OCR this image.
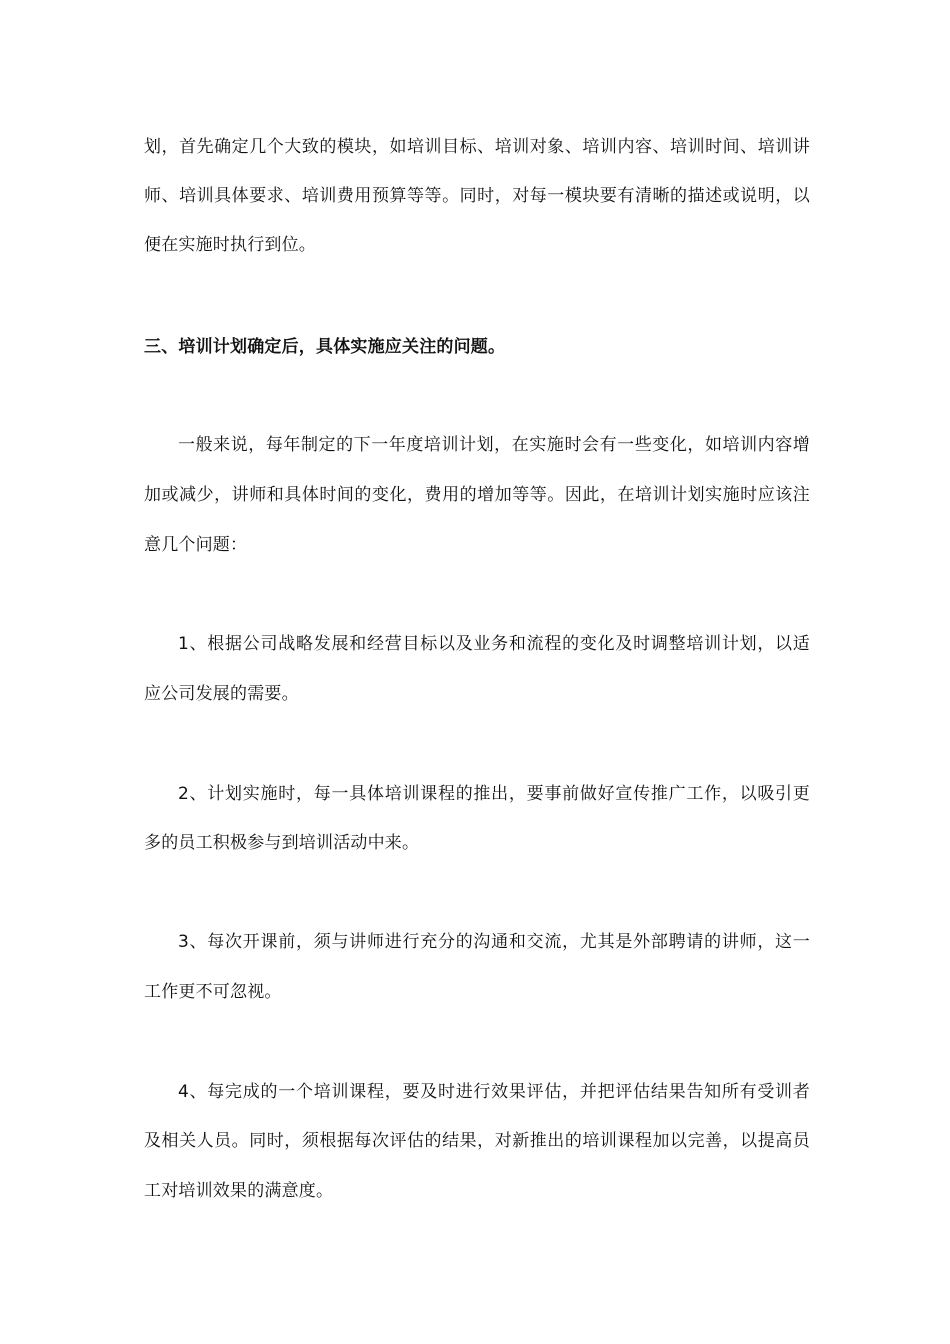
划，首先确定几个大致的模块，如培训目标、培训对象、培训内容、培训时间、培训讲
师、培训具体要求、培训费用预算等等。同时，对每一模块要有清晰的描述或说明，以
便在实施时执行到位。
三、培训计划确定后，具体实施应关注的问题。
一般来说，每年制定的下一年度培训计划，在实施时会有一些变化，如培训内容增
加或减少，讲师和具体时间的变化，费用的增加等等。因此，在培训计划实施时应该注
意几个问题：
1、根据公司战略发展和经营目标以及业务和流程的变化及时调整培训计划，以适
应公司发展的需要。
2、计划实施时，每一具体培训课程的推出，要事前做好宣传推广工作，以吸引更
多的员工积极参与到培训活动中来。
3、每次开课前，须与讲师进行充分的沟通和交流，尤其是外部聘请的讲师，这一
工作更不可忽视。
4、每完成的一个培训课程，要及时进行效果评估，并把评估结果告知所有受训者
及相关人员。同时，须根据每次评估的结果，对新推出的培训课程加以完善，以提高员
工对培训效果的满意度。
